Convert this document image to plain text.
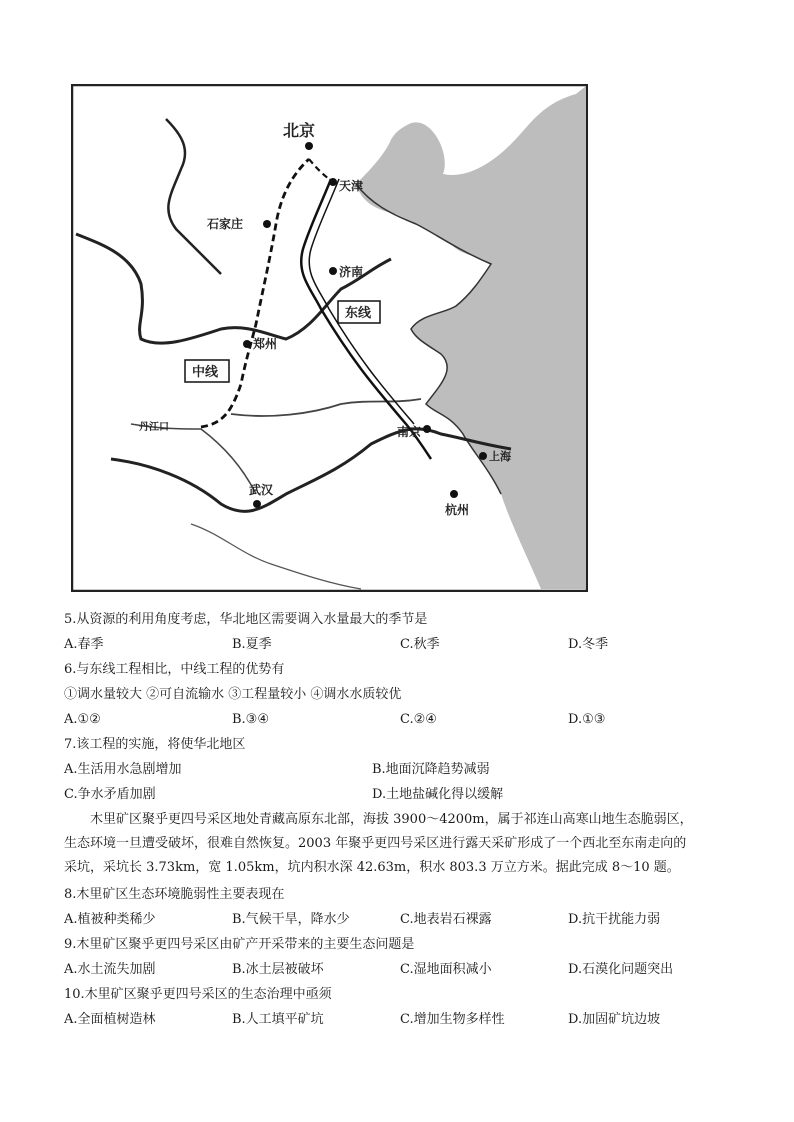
北京
天津
石家庄
济南
郑州
丹江口
武汉
南京
上海
杭州
东线
中线
5.从资源的利用角度考虑，华北地区需要调入水量最大的季节是
A.春季	B.夏季	C.秋季	D.冬季
6.与东线工程相比，中线工程的优势有
①调水量较大 ②可自流输水 ③工程量较小 ④调水水质较优
A.①②	B.③④	C.②④	D.①③
7.该工程的实施，将使华北地区
A.生活用水急剧增加	B.地面沉降趋势减弱
C.争水矛盾加剧	D.土地盐碱化得以缓解

木里矿区聚乎更四号采区地处青藏高原东北部，海拔 3900～4200m，属于祁连山高寒山地生态脆弱区，

生态环境一旦遭受破坏，很难自然恢复。2003 年聚乎更四号采区进行露天采矿形成了一个西北至东南走向的
采坑，采坑长 3.73km，宽 1.05km，坑内积水深 42.63m，积水 803.3 万立方米。据此完成 8～10 题。
8.木里矿区生态环境脆弱性主要表现在
A.植被种类稀少	B.气候干旱，降水少	C.地表岩石裸露	D.抗干扰能力弱
9.木里矿区聚乎更四号采区由矿产开采带来的主要生态问题是
A.水土流失加剧	B.冰土层被破坏	C.湿地面积减小	D.石漠化问题突出
10.木里矿区聚乎更四号采区的生态治理中亟须
A.全面植树造林	B.人工填平矿坑	C.增加生物多样性	D.加固矿坑边坡
